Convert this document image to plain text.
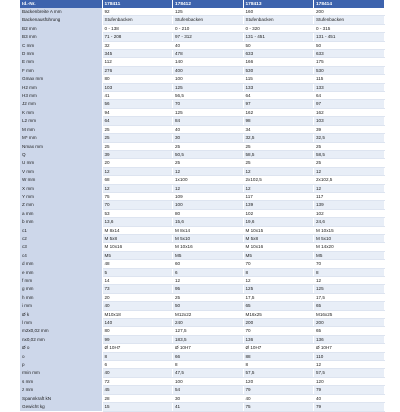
Id.-Nr.	178411	178412	178413	178414
Backenbreite A mm	92	125	160	200
Backenausführung	Stufenbacken	Stufenbacken	Stufenbacken	Stufenbacken
B2 mm	0 - 138	0 - 210	0 - 320	0 - 315
B3 mm	71 - 208	97 - 312	131 - 451	131 - 451
C mm	32	40	50	50
D mm	345	478	633	633
E mm	112	140	166	175
F mm	276	400	530	530
Gmax mm	80	100	115	115
H2 mm	103	125	133	133
H3 mm	41	56,5	64	64
J2 mm	56	70	97	97
K mm	94	125	162	162
L2 mm	64	84	98	103
M mm	25	40	34	39
M* mm	25	30	32,5	32,5
Nmax mm	25	25	25	25
Q	39	50,5	58,5	58,5
U mm	20	25	25	25
V mm	12	12	12	12
W mm	68	1x100	2x102,5	2x102,5
X mm	12	12	12	12
Y mm	75	109	117	117
Z mm	70	100	139	139
a mm	53	80	102	102
b mm	13,6	15,6	19,6	24,6
c1	M 8x14	M 8x14	M 10x15	M 10x15
c2	M 5x8	M 5x10	M 5x8	M 5x10
c3	M 10x16	M 10x16	M 10x16	M 14x20
c4	M5	M5	M5	M5
d mm	48	60	70	70
e mm	5	6	8	8
f mm	14	12	12	12
g mm	73	95	125	125
h mm	20	25	17,5	17,5
i mm	40	50	65	65
Ø k	M10x18	M12x22	M16x25	M16x25
l mm	140	240	200	200
m2x0,02 mm	80	127,5	70	65
nx0,02 mm	99	183,5	136	136
Ø o	Ø 10H7	Ø 10H7	Ø 10H7	Ø 10H7
o	8	66	88	110
p	6	8	8	12
rmin mm	40	47,5	57,5	57,5
s mm	72	100	120	120
z mm	45	54	79	79
Spannkraft kN	28	30	40	40
Gewicht kg	15	41	75	79
